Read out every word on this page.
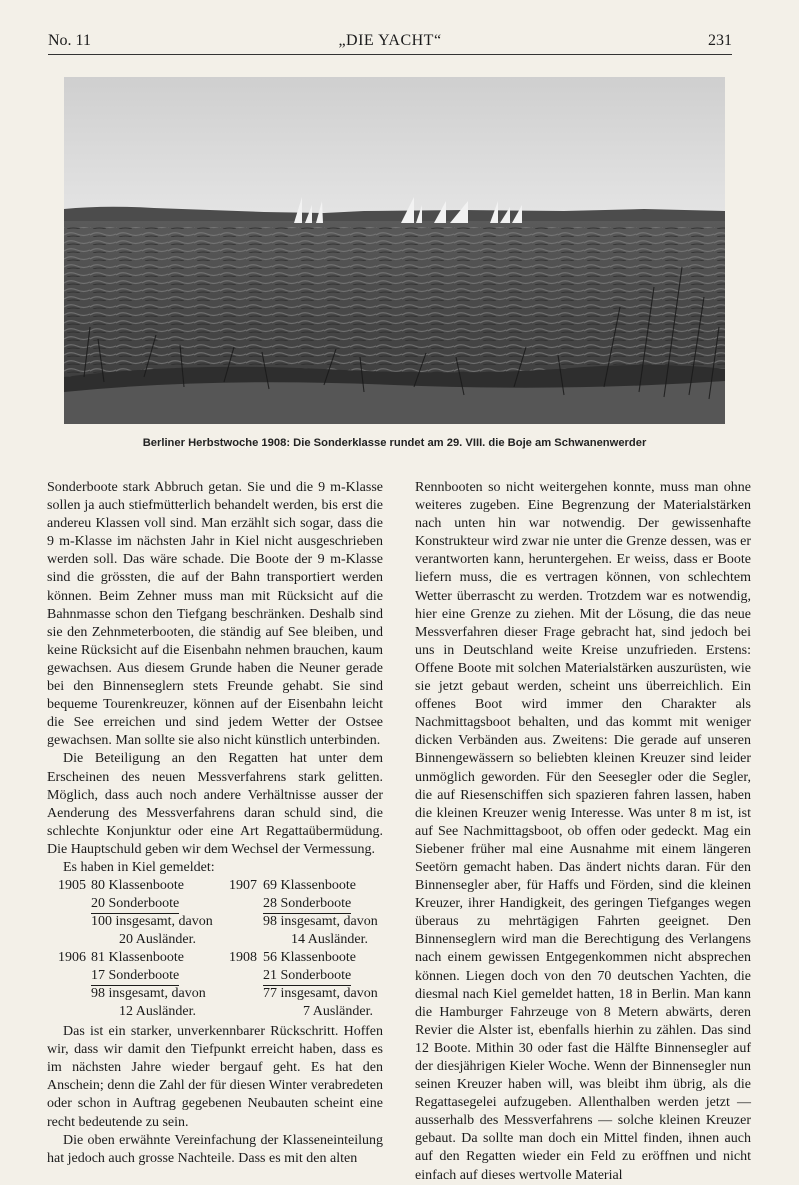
No. 11	„DIE YACHT“	231
Berliner Herbstwoche 1908: Die Sonderklasse rundet am 29. VIII. die Boje am Schwanenwerder

Sonderboote stark Abbruch getan. Sie und die 9 m-Klasse sollen ja auch stiefmütterlich behandelt werden, bis erst die andereu Klassen voll sind. Man erzählt sich sogar, dass die 9 m-Klasse im nächsten Jahr in Kiel nicht ausgeschrieben werden soll. Das wäre schade. Die Boote der 9 m-Klasse sind die grössten, die auf der Bahn transportiert werden können. Beim Zehner muss man mit Rücksicht auf die Bahnmasse schon den Tiefgang beschränken. Deshalb sind sie den Zehnmeterbooten, die ständig auf See bleiben, und keine Rücksicht auf die Eisenbahn nehmen brauchen, kaum gewachsen. Aus diesem Grunde haben die Neuner gerade bei den Binnenseglern stets Freunde gehabt. Sie sind bequeme Tourenkreuzer, können auf der Eisenbahn leicht die See erreichen und sind jedem Wetter der Ostsee gewachsen. Man sollte sie also nicht künstlich unterbinden.

Die Beteiligung an den Regatten hat unter dem Erscheinen des neuen Messverfahrens stark gelitten. Möglich, dass auch noch andere Verhältnisse ausser der Aenderung des Messverfahrens daran schuld sind, die schlechte Konjunktur oder eine Art Regattaübermüdung. Die Hauptschuld geben wir dem Wechsel der Vermessung.

Es haben in Kiel gemeldet:

1905 80 Klassenboote
20 Sonderboote
100 insgesamt, davon
20 Ausländer.
1907 69 Klassenboote
28 Sonderboote
98 insgesamt, davon
14 Ausländer.
1906 81 Klassenboote
17 Sonderboote
98 insgesamt, davon
12 Ausländer.
1908 56 Klassenboote
21 Sonderboote
77 insgesamt, davon
7 Ausländer.

Das ist ein starker, unverkennbarer Rückschritt. Hoffen wir, dass wir damit den Tiefpunkt erreicht haben, dass es im nächsten Jahre wieder bergauf geht. Es hat den Anschein; denn die Zahl der für diesen Winter verabredeten oder schon in Auftrag gegebenen Neubauten scheint eine recht bedeutende zu sein.

Die oben erwähnte Vereinfachung der Klasseneinteilung hat jedoch auch grosse Nachteile. Dass es mit den alten

Rennbooten so nicht weitergehen konnte, muss man ohne weiteres zugeben. Eine Begrenzung der Materialstärken nach unten hin war notwendig. Der gewissenhafte Konstrukteur wird zwar nie unter die Grenze dessen, was er verantworten kann, heruntergehen. Er weiss, dass er Boote liefern muss, die es vertragen können, von schlechtem Wetter überrascht zu werden. Trotzdem war es notwendig, hier eine Grenze zu ziehen. Mit der Lösung, die das neue Messverfahren dieser Frage gebracht hat, sind jedoch bei uns in Deutschland weite Kreise unzufrieden. Erstens: Offene Boote mit solchen Materialstärken auszurüsten, wie sie jetzt gebaut werden, scheint uns überreichlich. Ein offenes Boot wird immer den Charakter als Nachmittagsboot behalten, und das kommt mit weniger dicken Verbänden aus. Zweitens: Die gerade auf unseren Binnengewässern so beliebten kleinen Kreuzer sind leider unmöglich geworden. Für den Seesegler oder die Segler, die auf Riesenschiffen sich spazieren fahren lassen, haben die kleinen Kreuzer wenig Interesse. Was unter 8 m ist, ist auf See Nachmittagsboot, ob offen oder gedeckt. Mag ein Siebener früher mal eine Ausnahme mit einem längeren Seetörn gemacht haben. Das ändert nichts daran. Für den Binnensegler aber, für Haffs und Förden, sind die kleinen Kreuzer, ihrer Handigkeit, des geringen Tiefganges wegen überaus zu mehrtägigen Fahrten geeignet. Den Binnenseglern wird man die Berechtigung des Verlangens nach einem gewissen Entgegenkommen nicht absprechen können. Liegen doch von den 70 deutschen Yachten, die diesmal nach Kiel gemeldet hatten, 18 in Berlin. Man kann die Hamburger Fahrzeuge von 8 Metern abwärts, deren Revier die Alster ist, ebenfalls hierhin zu zählen. Das sind 12 Boote. Mithin 30 oder fast die Hälfte Binnensegler auf der diesjährigen Kieler Woche. Wenn der Binnensegler nun seinen Kreuzer haben will, was bleibt ihm übrig, als die Regattasegelei aufzugeben. Allenthalben werden jetzt — ausserhalb des Messverfahrens — solche kleinen Kreuzer gebaut. Da sollte man doch ein Mittel finden, ihnen auch auf den Regatten wieder ein Feld zu eröffnen und nicht einfach auf dieses wertvolle Material
